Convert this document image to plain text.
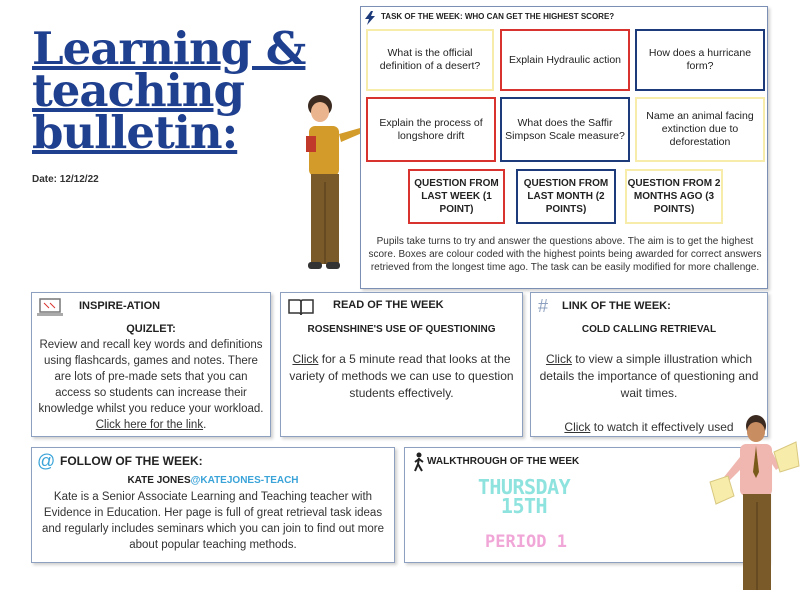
Learning & teaching bulletin:
Date: 12/12/22
TASK OF THE WEEK: WHO CAN GET THE HIGHEST SCORE?
What is the official definition of a desert?
Explain Hydraulic action
How does a hurricane form?
Explain the process of longshore drift
What does the Saffir Simpson Scale measure?
Name an animal facing extinction due to deforestation
QUESTION FROM LAST WEEK (1 POINT)
QUESTION FROM LAST MONTH (2 POINTS)
QUESTION FROM 2 MONTHS AGO (3 POINTS)
Pupils take turns to try and answer the questions above. The aim is to get the highest score. Boxes are colour coded with the highest points being awarded for correct answers retrieved from the longest time ago. The task can be easily modified for more challenge.
INSPIRE-ATION
QUIZLET:
Review and recall key words and definitions using flashcards, games and notes. There are lots of pre-made sets that you can access so students can increase their knowledge whilst you reduce your workload. Click here for the link.
READ OF THE WEEK
ROSENSHINE'S USE OF QUESTIONING
Click for a 5 minute read that looks at the variety of methods we can use to question students effectively.
# LINK OF THE WEEK:
COLD CALLING RETRIEVAL
Click to view a simple illustration which details the importance of questioning and wait times.
Click to watch it effectively used
@ FOLLOW OF THE WEEK:
KATE JONES@KATEJONES-TEACH
Kate is a Senior Associate Learning and Teaching teacher with Evidence in Education. Her page is full of great retrieval task ideas and regularly includes seminars which you can join to find out more about popular teaching methods.
WALKTHROUGH OF THE WEEK
THURSDAY
15TH
PERIOD 1
